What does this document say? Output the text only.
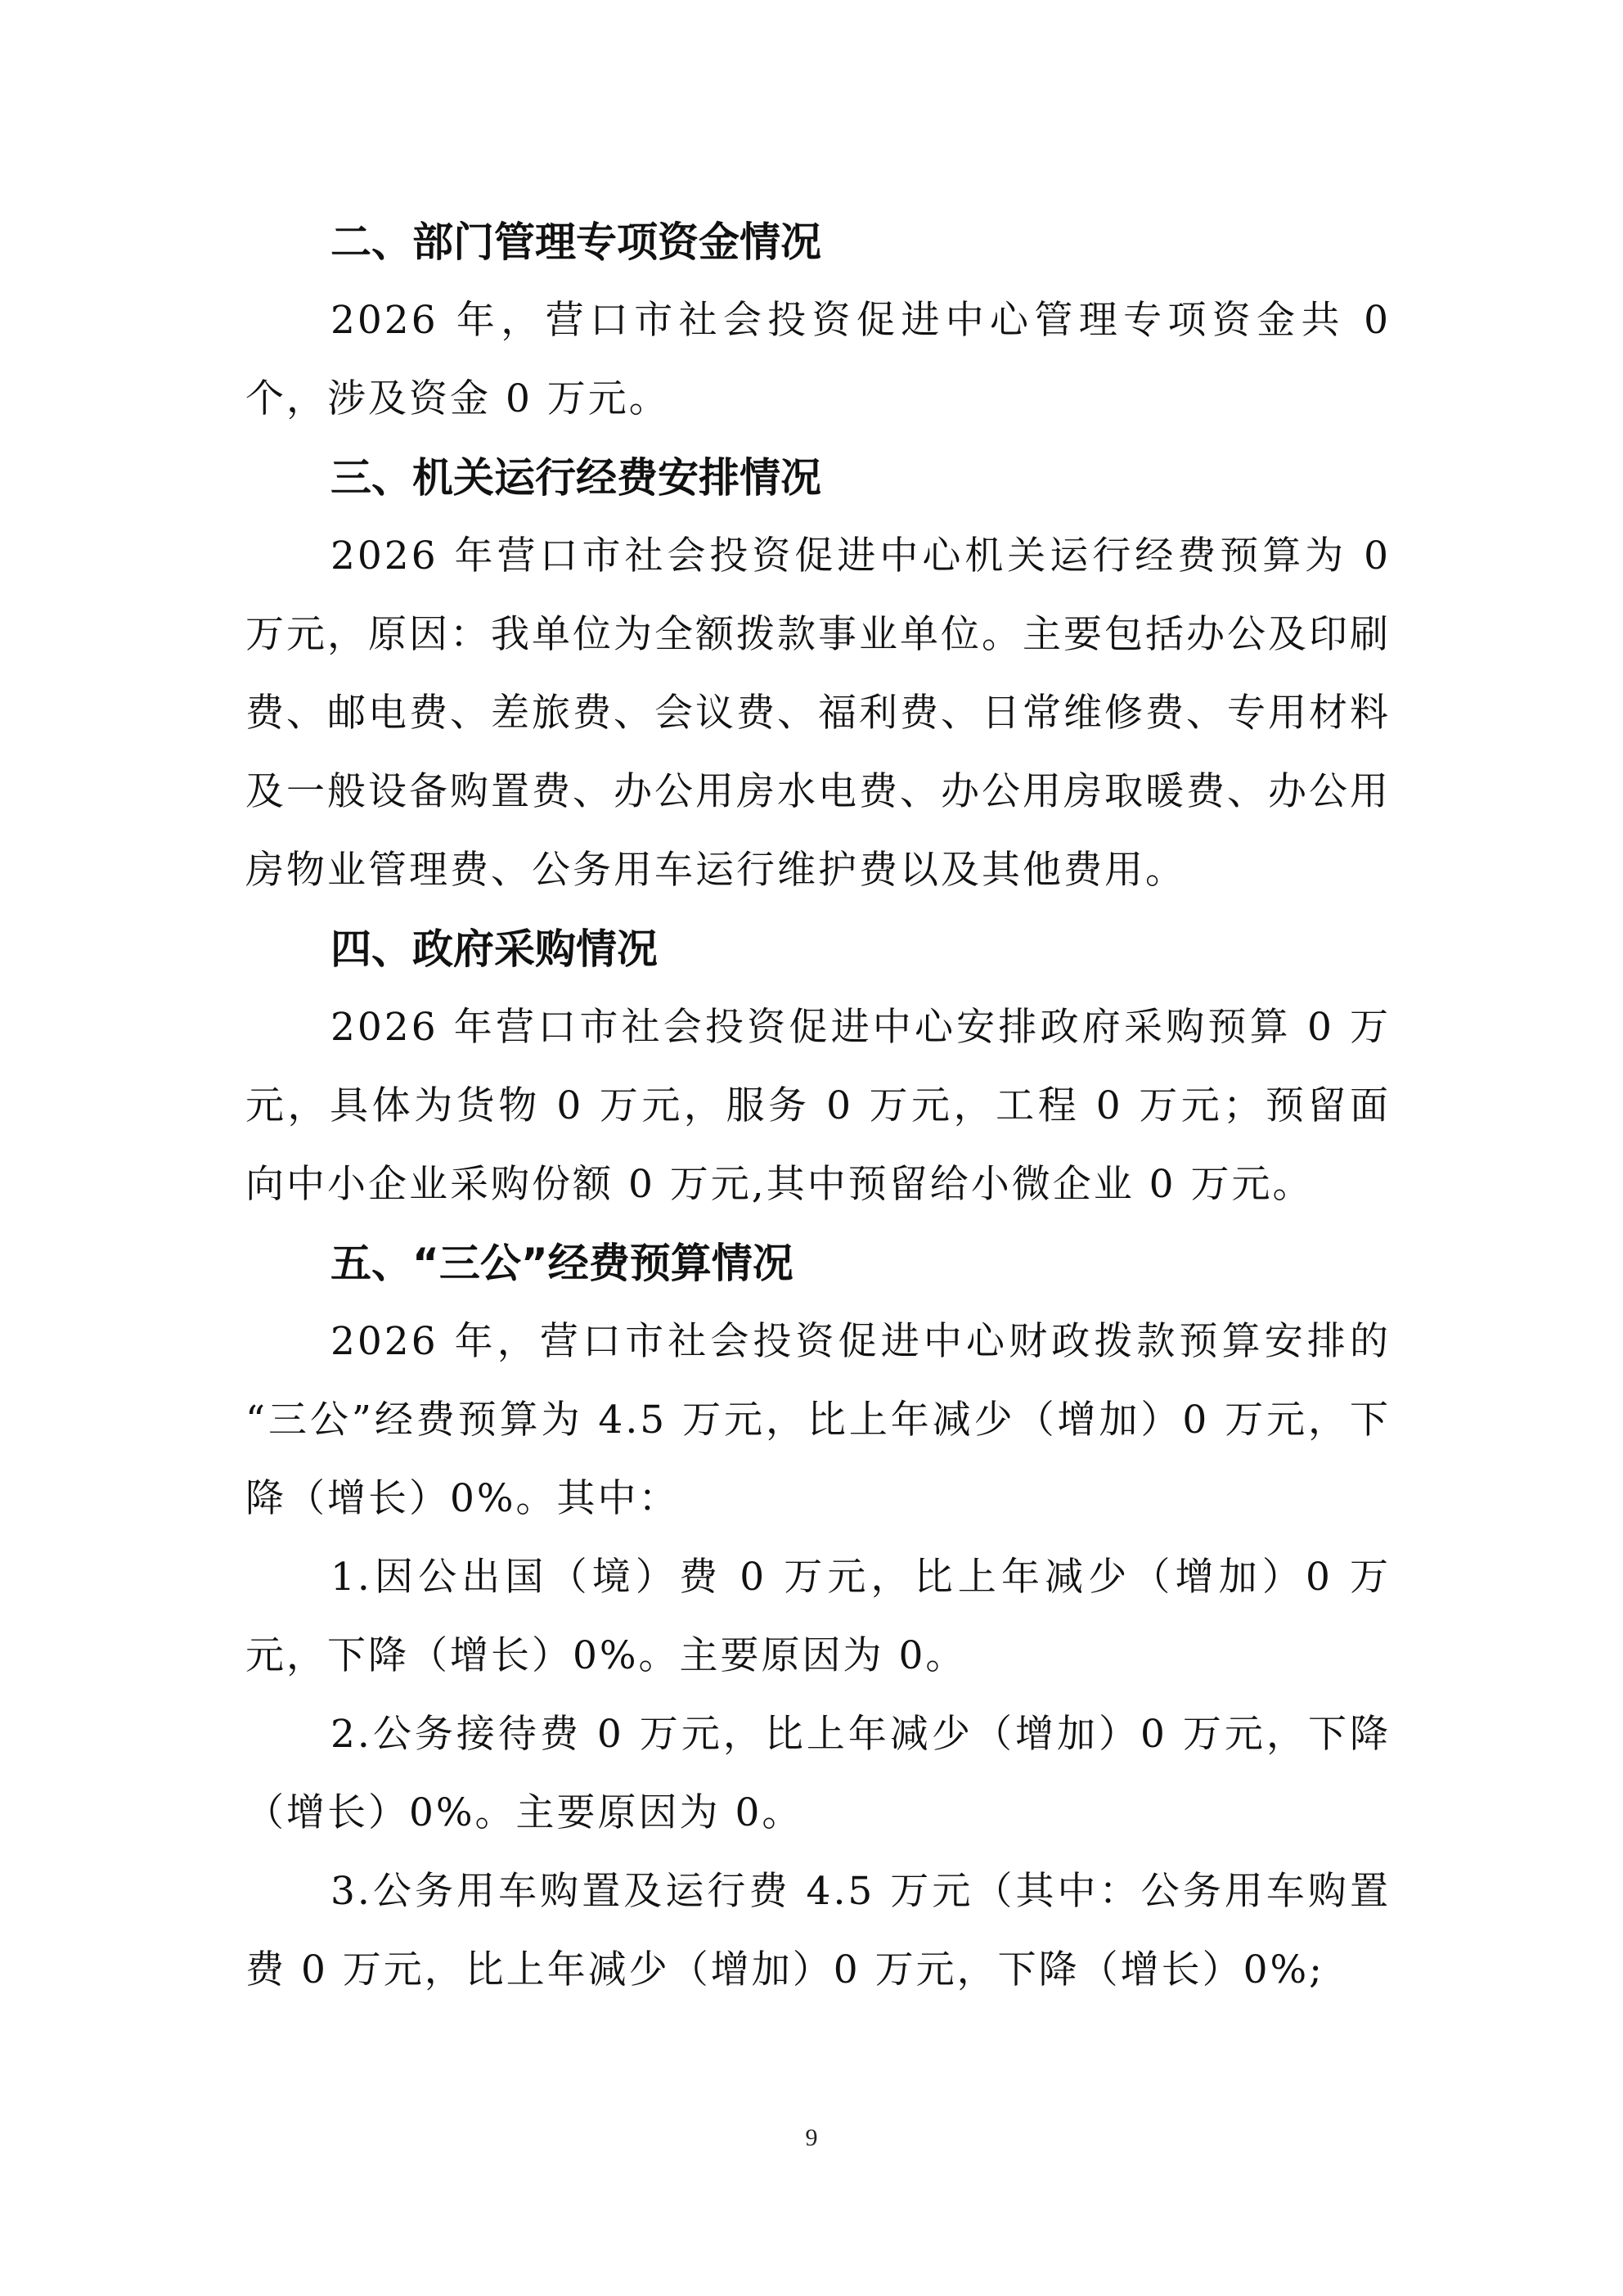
二、部门管理专项资金情况

2026 年，营口市社会投资促进中心管理专项资金共 0 个，涉及资金 0 万元。

三、机关运行经费安排情况

2026 年营口市社会投资促进中心机关运行经费预算为 0 万元，原因：我单位为全额拨款事业单位。主要包括办公及印刷费、邮电费、差旅费、会议费、福利费、日常维修费、专用材料及一般设备购置费、办公用房水电费、办公用房取暖费、办公用房物业管理费、公务用车运行维护费以及其他费用。

四、政府采购情况

2026 年营口市社会投资促进中心安排政府采购预算 0 万元，具体为货物 0 万元，服务 0 万元，工程 0 万元；预留面向中小企业采购份额 0 万元,其中预留给小微企业 0 万元。

五、“三公”经费预算情况

2026 年，营口市社会投资促进中心财政拨款预算安排的 “三公”经费预算为 4.5 万元，比上年减少（增加）0 万元，下降（增长）0%。其中：

1.因公出国（境）费 0 万元，比上年减少（增加）0 万元，下降（增长）0%。主要原因为 0。

2.公务接待费 0 万元，比上年减少（增加）0 万元，下降（增长）0%。主要原因为 0。

3.公务用车购置及运行费 4.5 万元（其中：公务用车购置费 0 万元，比上年减少（增加）0 万元，下降（增长）0%;

9
